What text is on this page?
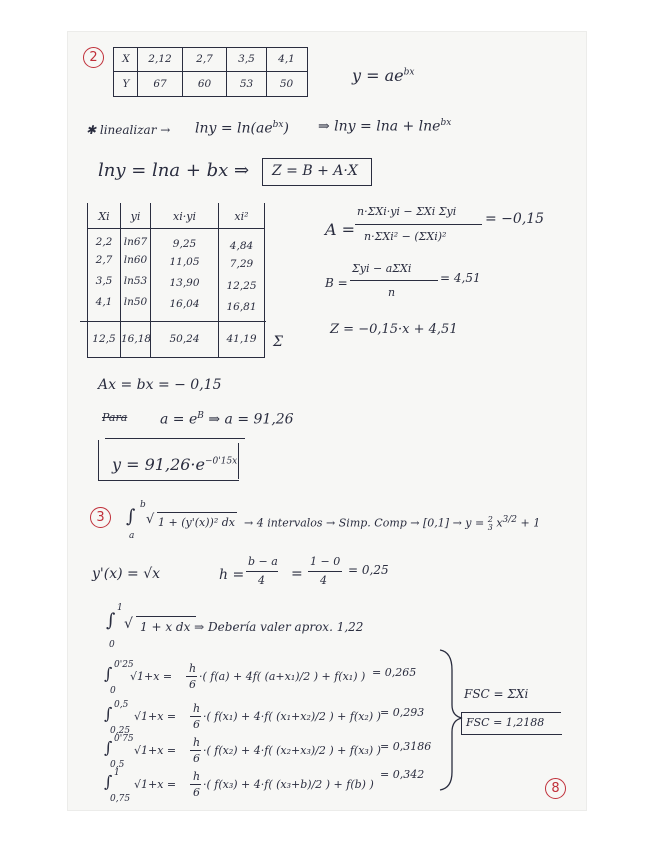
2	X	2,12	2,7	3,5	4,1
Y	67	60	53	50	$y = ae^{bx}$
✱ linealizar → $\ln y = \ln(ae^{bx})$ ⇒ lny = lna + lne$^{bx}$
lny = lna + bx ⇒ Z = B + A·X
Xi	yi	xi·yi	xi²
2,2	ln67	9,25	4,84
2,7	ln60	11,05	7,29
3,5	ln53	13,90	12,25
4,1	ln50	16,04	16,81
12,5 16,18	50,24	41,19	Σ
A =
n·ΣXi·yi − ΣXi Σyi
n·ΣXi² − (ΣXi)²
= −0,15
B =
Σyi − aΣXi
n
= 4,51
Z = −0,15·x + 4,51
Ax = bx = − 0,15
Para $a = e^B$ ⇒ a = 91,26
$y = 91,26\cdot e^{-0'15x}$
3	∫
b
a
√ 1 + (y'(x))² dx → 4 intervalos → Simp. Comp → [0,1] → y = 2
3 $x^{3/2} + 1$
y'(x) = √x	h =
b − a
4 =
1 − 0
4
= 0,25
∫
1
0
√ 1 + x dx ⇒ Debería valer aprox. 1,22
∫ 0'25
0
√1+x =
h
6
·( f(a) + 4f( (a+x₁)/2 ) + f(x₁) ) = 0,265
∫ 0,5
0,25
√1+x =
h
6
·( f(x₁) + 4·f( (x₁+x₂)/2 ) + f(x₂) ) = 0,293
∫ 0'75
0,5
√1+x =
h
6
·( f(x₂) + 4·f( (x₂+x₃)/2 ) + f(x₃) ) = 0,3186
∫ 1
0,75
√1+x =
h
6
·( f(x₃) + 4·f( (x₃+b)/2 ) + f(b) )
= 0,342
FSC = ΣXi
FSC = 1,2188
8
